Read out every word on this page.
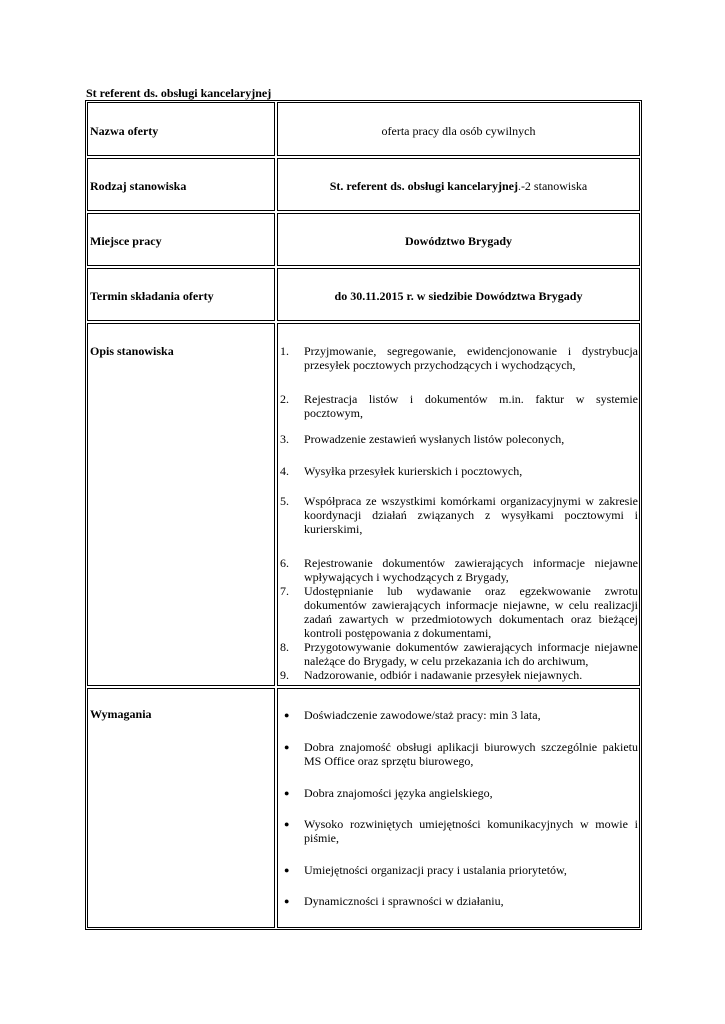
St referent ds. obsługi kancelaryjnej
Nazwa oferty	oferta pracy dla osób cywilnych
Rodzaj stanowiska	St. referent ds. obsługi kancelaryjnej.-2 stanowiska
Miejsce pracy	Dowództwo Brygady
Termin składania oferty	do 30.11.2015 r. w siedzibie Dowództwa Brygady
Opis stanowiska	1.	Przyjmowanie, segregowanie, ewidencjonowanie i dystrybucja przesyłek pocztowych przychodzących i wychodzących,
2.	Rejestracja listów i dokumentów m.in. faktur w systemie pocztowym,
3.	Prowadzenie zestawień wysłanych listów poleconych,
4.	Wysyłka przesyłek kurierskich i pocztowych,
5.	Współpraca ze wszystkimi komórkami organizacyjnymi w zakresie koordynacji działań związanych z wysyłkami pocztowymi i kurierskimi,
6.	Rejestrowanie dokumentów zawierających informacje niejawne wpływających i wychodzących z Brygady,
7.	Udostępnianie lub wydawanie oraz egzekwowanie zwrotu dokumentów zawierających informacje niejawne, w celu realizacji zadań zawartych w przedmiotowych dokumentach oraz bieżącej kontroli postępowania z dokumentami,
8.	Przygotowywanie dokumentów zawierających informacje niejawne należące do Brygady, w celu przekazania ich do archiwum,
9.	Nadzorowanie, odbiór i nadawanie przesyłek niejawnych.
Wymagania	● Doświadczenie zawodowe/staż pracy: min 3 lata,
● Dobra znajomość obsługi aplikacji biurowych szczególnie pakietu MS Office oraz sprzętu biurowego,
● Dobra znajomości języka angielskiego,
● Wysoko rozwiniętych umiejętności komunikacyjnych w mowie i piśmie,
● Umiejętności organizacji pracy i ustalania priorytetów,
● Dynamiczności i sprawności w działaniu,
